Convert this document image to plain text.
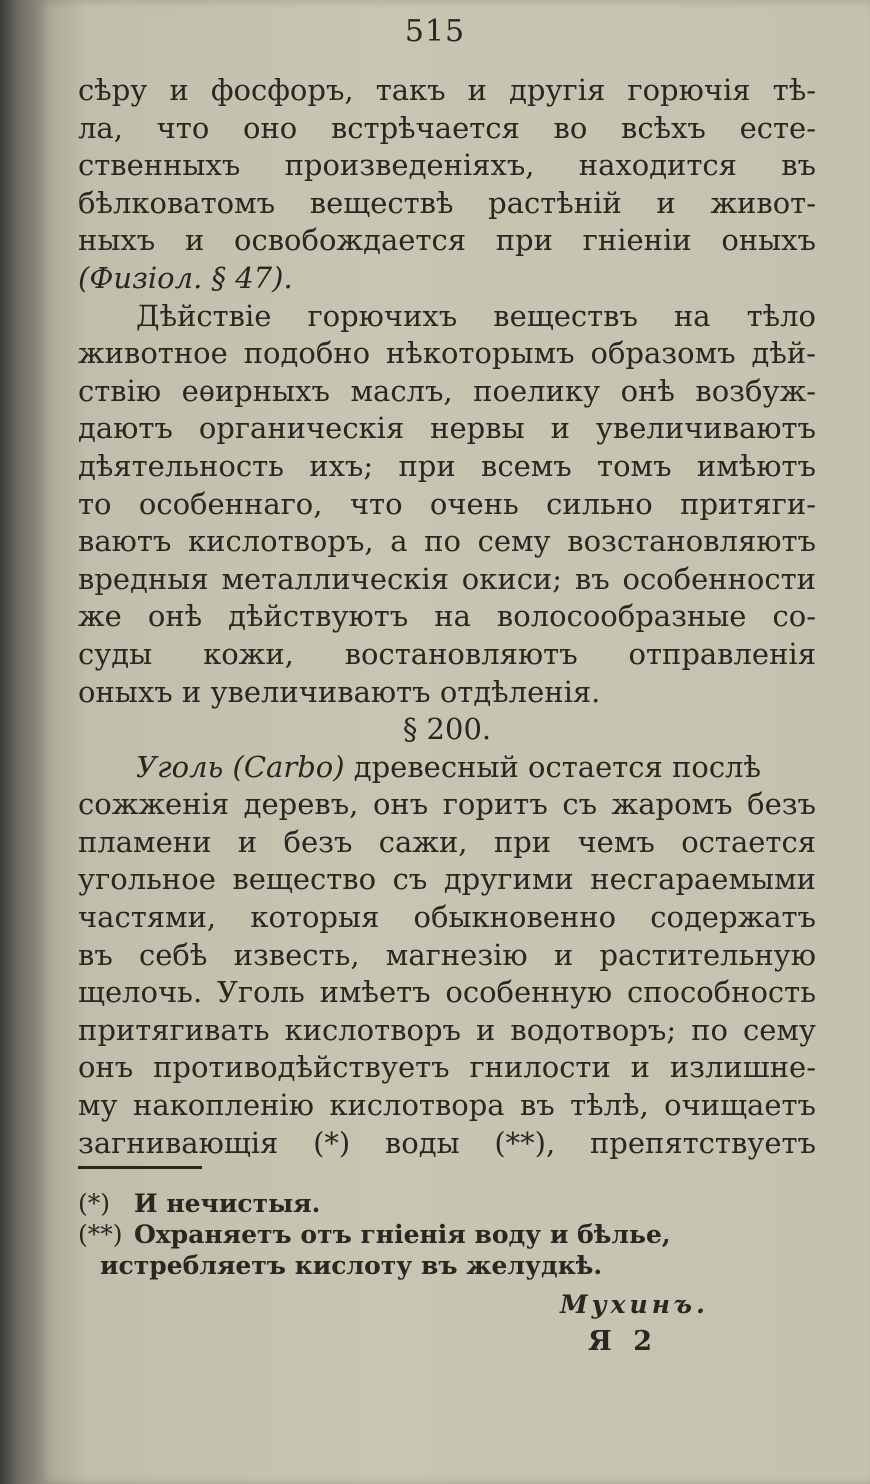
515
сѣру и фосфоръ, такъ и другія горючія тѣ-
ла, что оно встрѣчается во всѣхъ есте-
ственныхъ произведеніяхъ, находится въ
бѣлковатомъ веществѣ растѣній и живот-
ныхъ и освобождается при гніеніи оныхъ
(Физіол. § 47).
Дѣйствіе горючихъ веществъ на тѣло
животное подобно нѣкоторымъ образомъ дѣй-
ствію еѳирныхъ маслъ, поелику онѣ возбуж-
даютъ органическія нервы и увеличиваютъ
дѣятельность ихъ; при всемъ томъ имѣютъ
то особеннаго, что очень сильно притяги-
ваютъ кислотворъ, а по сему возстановляютъ
вредныя металлическія окиси; въ особенности
же онѣ дѣйствуютъ на волосообразные со-
суды кожи, востановляютъ отправленія
оныхъ и увеличиваютъ отдѣленія.
§ 200.
Уголь (Carbo) древесный остается послѣ
сожженія деревъ, онъ горитъ съ жаромъ безъ
пламени и безъ сажи, при чемъ остается
угольное вещество съ другими несгараемыми
частями, которыя обыкновенно содержатъ
въ себѣ известь, магнезію и растительную
щелочь. Уголь имѣетъ особенную способность
притягивать кислотворъ и водотворъ; по сему
онъ противодѣйствуетъ гнилости и излишне-
му накопленію кислотвора въ тѣлѣ, очищаетъ
загнивающія (*) воды (**), препятствуетъ
(*) И нечистыя.
(**) Охраняетъ отъ гніенія воду и бѣлье,
истребляетъ кислоту въ желудкѣ.
Мухинъ.
Я 2
